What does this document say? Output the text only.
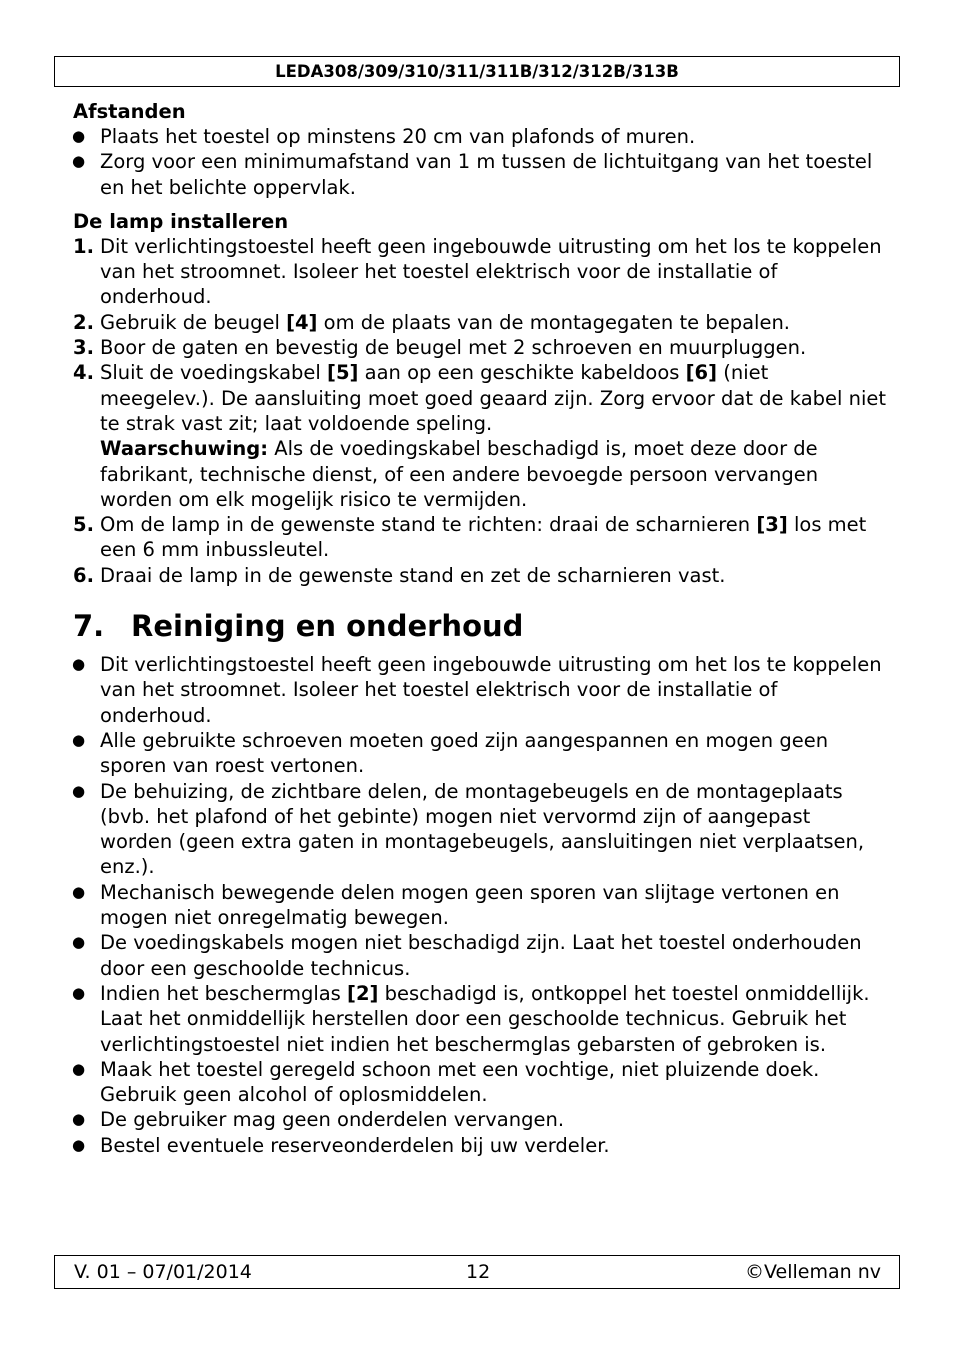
LEDA308/309/310/311/311B/312/312B/313B
Afstanden
● Plaats het toestel op minstens 20 cm van plafonds of muren.
● Zorg voor een minimumafstand van 1 m tussen de lichtuitgang van het toestel en het belichte oppervlak.
De lamp installeren
1. Dit verlichtingstoestel heeft geen ingebouwde uitrusting om het los te koppelen van het stroomnet. Isoleer het toestel elektrisch voor de installatie of onderhoud.
2. Gebruik de beugel [4] om de plaats van de montagegaten te bepalen.
3. Boor de gaten en bevestig de beugel met 2 schroeven en muurpluggen.
4. Sluit de voedingskabel [5] aan op een geschikte kabeldoos [6] (niet meegelev.). De aansluiting moet goed geaard zijn. Zorg ervoor dat de kabel niet te strak vast zit; laat voldoende speling.
Waarschuwing: Als de voedingskabel beschadigd is, moet deze door de fabrikant, technische dienst, of een andere bevoegde persoon vervangen worden om elk mogelijk risico te vermijden.
5. Om de lamp in de gewenste stand te richten: draai de scharnieren [3] los met een 6 mm inbussleutel.
6. Draai de lamp in de gewenste stand en zet de scharnieren vast.
7. Reiniging en onderhoud
● Dit verlichtingstoestel heeft geen ingebouwde uitrusting om het los te koppelen van het stroomnet. Isoleer het toestel elektrisch voor de installatie of onderhoud.
● Alle gebruikte schroeven moeten goed zijn aangespannen en mogen geen sporen van roest vertonen.
● De behuizing, de zichtbare delen, de montagebeugels en de montageplaats (bvb. het plafond of het gebinte) mogen niet vervormd zijn of aangepast worden (geen extra gaten in montagebeugels, aansluitingen niet verplaatsen, enz.).
● Mechanisch bewegende delen mogen geen sporen van slijtage vertonen en mogen niet onregelmatig bewegen.
● De voedingskabels mogen niet beschadigd zijn. Laat het toestel onderhouden door een geschoolde technicus.
● Indien het beschermglas [2] beschadigd is, ontkoppel het toestel onmiddellijk. Laat het onmiddellijk herstellen door een geschoolde technicus. Gebruik het verlichtingstoestel niet indien het beschermglas gebarsten of gebroken is.
● Maak het toestel geregeld schoon met een vochtige, niet pluizende doek. Gebruik geen alcohol of oplosmiddelen.
● De gebruiker mag geen onderdelen vervangen.
● Bestel eventuele reserveonderdelen bij uw verdeler.
V. 01 – 07/01/2014	12	©Velleman nv
